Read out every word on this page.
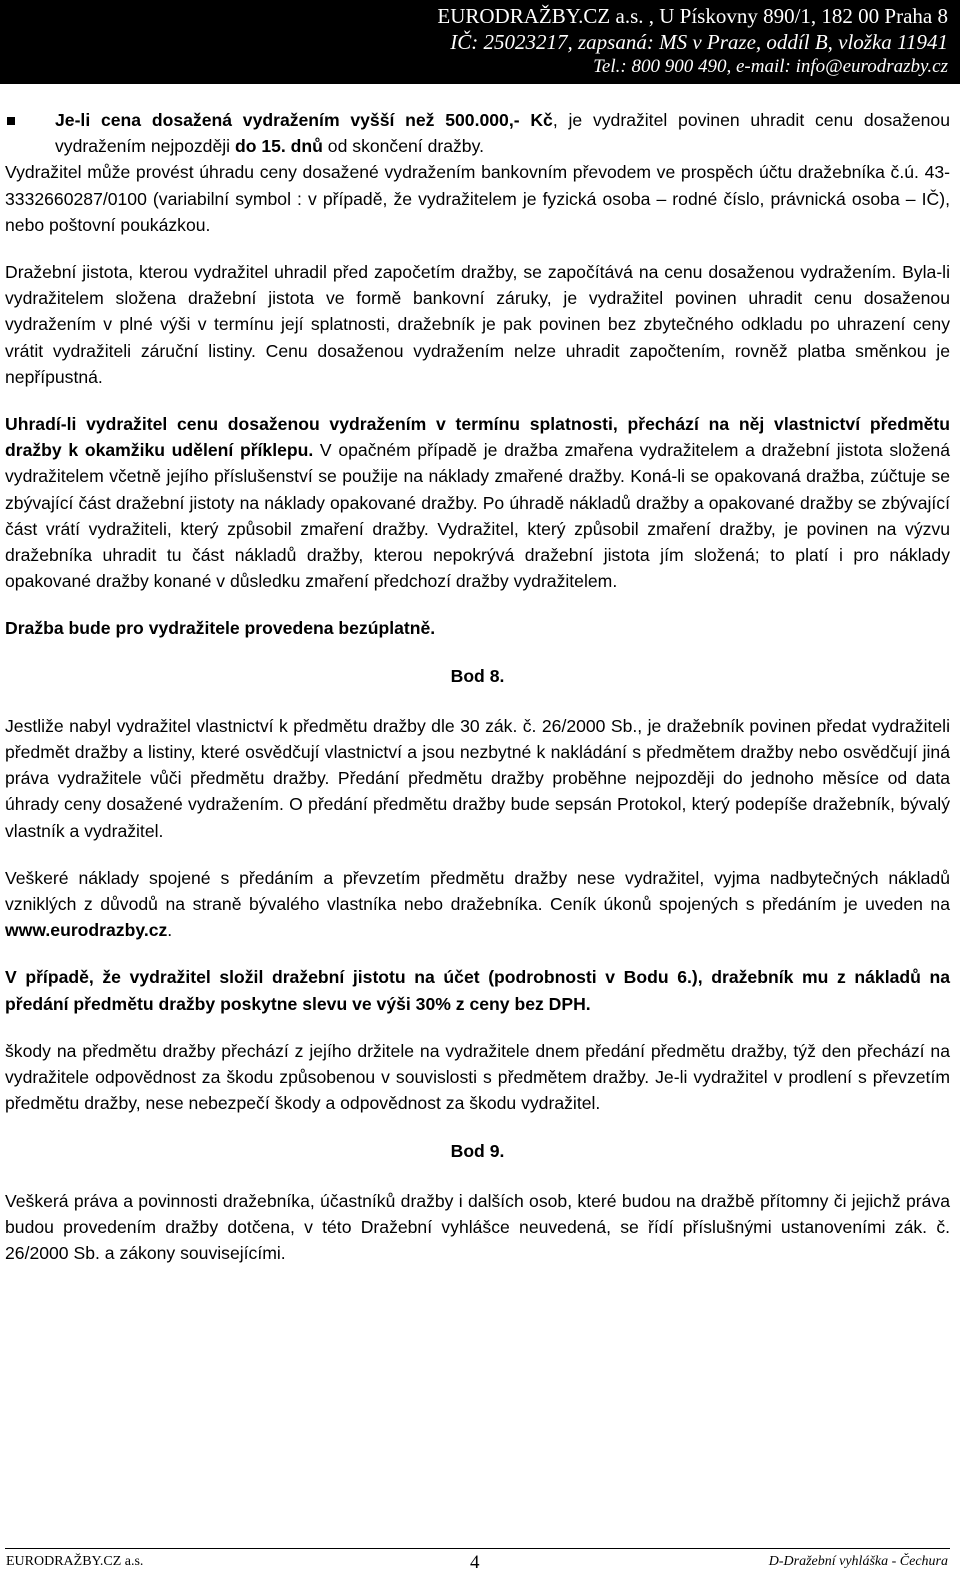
EURODRAŽBY.CZ a.s. , U Pískovny 890/1, 182 00 Praha 8
IČ: 25023217, zapsaná: MS v Praze, oddíl B, vložka 11941
Tel.: 800 900 490, e-mail: info@eurodrazby.cz
Je-li cena dosažená vydražením vyšší než 500.000,- Kč, je vydražitel povinen uhradit cenu dosaženou vydražením nejpozději do 15. dnů od skončení dražby.

Vydražitel může provést úhradu ceny dosažené vydražením bankovním převodem ve prospěch účtu dražebníka č.ú. 43-3332660287/0100 (variabilní symbol : v případě, že vydražitelem je fyzická osoba – rodné číslo, právnická osoba – IČ), nebo poštovní poukázkou.

Dražební jistota, kterou vydražitel uhradil před započetím dražby, se započítává na cenu dosaženou vydražením. Byla-li vydražitelem složena dražební jistota ve formě bankovní záruky, je vydražitel povinen uhradit cenu dosaženou vydražením v plné výši v termínu její splatnosti, dražebník je pak povinen bez zbytečného odkladu po uhrazení ceny vrátit vydražiteli záruční listiny. Cenu dosaženou vydražením nelze uhradit započtením, rovněž platba směnkou je nepřípustná.

Uhradí-li vydražitel cenu dosaženou vydražením v termínu splatnosti, přechází na něj vlastnictví předmětu dražby k okamžiku udělení příklepu. V opačném případě je dražba zmařena vydražitelem a dražební jistota složená vydražitelem včetně jejího příslušenství se použije na náklady zmařené dražby. Koná-li se opakovaná dražba, zúčtuje se zbývající část dražební jistoty na náklady opakované dražby. Po úhradě nákladů dražby a opakované dražby se zbývající část vrátí vydražiteli, který způsobil zmaření dražby. Vydražitel, který způsobil zmaření dražby, je povinen na výzvu dražebníka uhradit tu část nákladů dražby, kterou nepokrývá dražební jistota jím složená; to platí i pro náklady opakované dražby konané v důsledku zmaření předchozí dražby vydražitelem.

Dražba bude pro vydražitele provedena bezúplatně.

Bod 8.

Jestliže nabyl vydražitel vlastnictví k předmětu dražby dle 30 zák. č. 26/2000 Sb., je dražebník povinen předat vydražiteli předmět dražby a listiny, které osvědčují vlastnictví a jsou nezbytné k nakládání s předmětem dražby nebo osvědčují jiná práva vydražitele vůči předmětu dražby. Předání předmětu dražby proběhne nejpozději do jednoho měsíce od data úhrady ceny dosažené vydražením. O předání předmětu dražby bude sepsán Protokol, který podepíše dražebník, bývalý vlastník a vydražitel.

Veškeré náklady spojené s předáním a převzetím předmětu dražby nese vydražitel, vyjma nadbytečných nákladů vzniklých z důvodů na straně bývalého vlastníka nebo dražebníka. Ceník úkonů spojených s předáním je uveden na www.eurodrazby.cz.

V případě, že vydražitel složil dražební jistotu na účet (podrobnosti v Bodu 6.), dražebník mu z nákladů na předání předmětu dražby poskytne slevu ve výši 30% z ceny bez DPH.

škody na předmětu dražby přechází z jejího držitele na vydražitele dnem předání předmětu dražby, týž den přechází na vydražitele odpovědnost za škodu způsobenou v souvislosti s předmětem dražby. Je-li vydražitel v prodlení s převzetím předmětu dražby, nese nebezpečí škody a odpovědnost za škodu vydražitel.

Bod 9.

Veškerá práva a povinnosti dražebníka, účastníků dražby i dalších osob, které budou na dražbě přítomny či jejichž práva budou provedením dražby dotčena, v této Dražební vyhlášce neuvedená, se řídí příslušnými ustanoveními zák. č. 26/2000 Sb. a zákony souvisejícími.

EURODRAŽBY.CZ a.s.	4	D-Dražební vyhláška - Čechura
